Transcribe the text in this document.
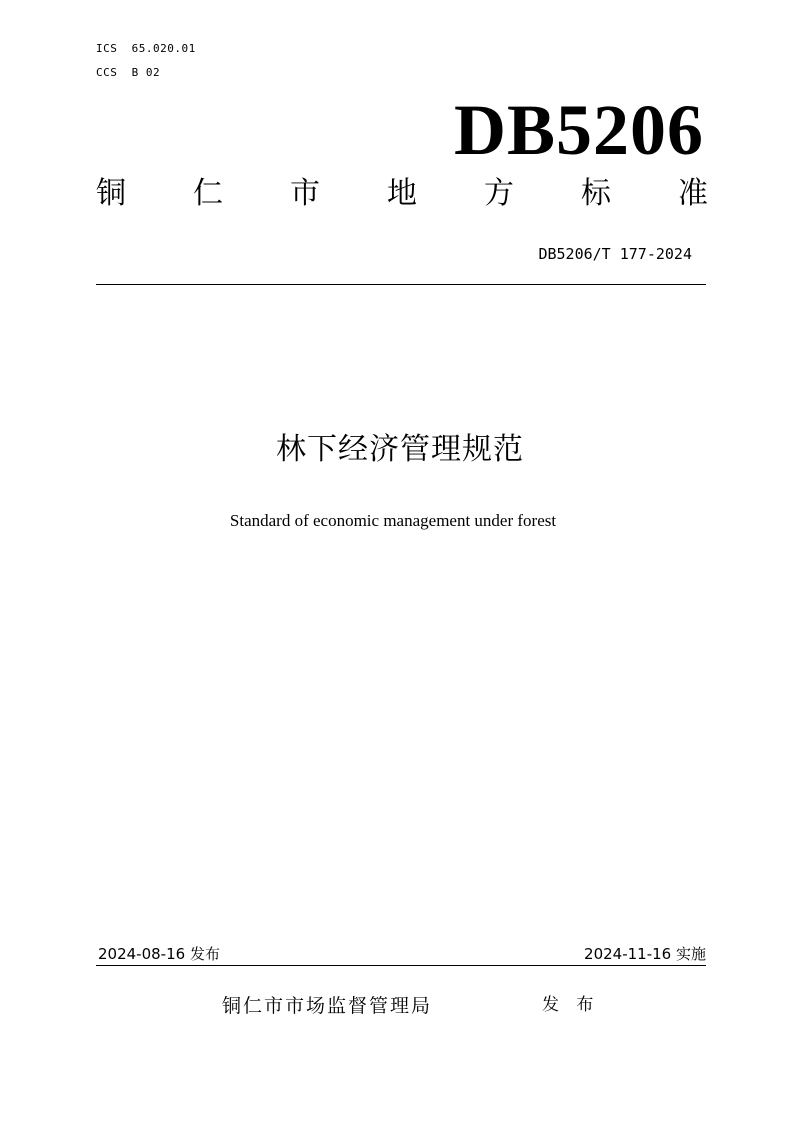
ICS  65.020.01
CCS  B 02
DB5206
铜 仁 市 地 方 标 准
DB5206/T 177-2024
林下经济管理规范
Standard of economic management under forest
2024-08-16 发布	2024-11-16 实施
铜仁市市场监督管理局	发 布
